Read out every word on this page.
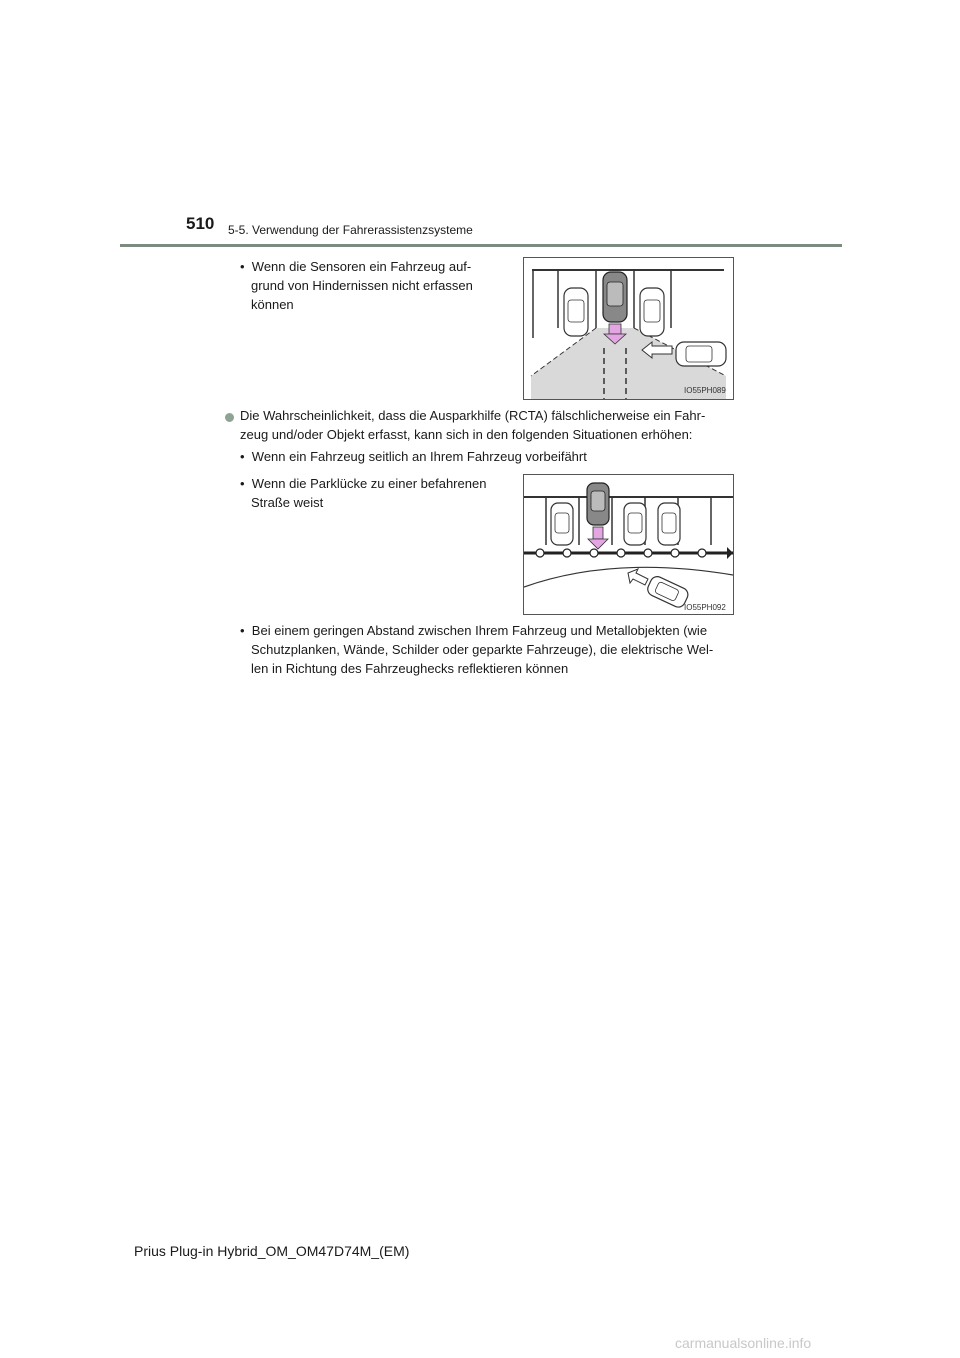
510 5-5. Verwendung der Fahrerassistenzsysteme
• Wenn die Sensoren ein Fahrzeug auf-
grund von Hindernissen nicht erfassen
können
IO55PH089
Die Wahrscheinlichkeit, dass die Ausparkhilfe (RCTA) fälschlicherweise ein Fahr-
zeug und/oder Objekt erfasst, kann sich in den folgenden Situationen erhöhen:
• Wenn ein Fahrzeug seitlich an Ihrem Fahrzeug vorbeifährt
• Wenn die Parklücke zu einer befahrenen
Straße weist
IO55PH092
• Bei einem geringen Abstand zwischen Ihrem Fahrzeug und Metallobjekten (wie
Schutzplanken, Wände, Schilder oder geparkte Fahrzeuge), die elektrische Wel-
len in Richtung des Fahrzeughecks reflektieren können
Prius Plug-in Hybrid_OM_OM47D74M_(EM)
carmanualsonline.info
